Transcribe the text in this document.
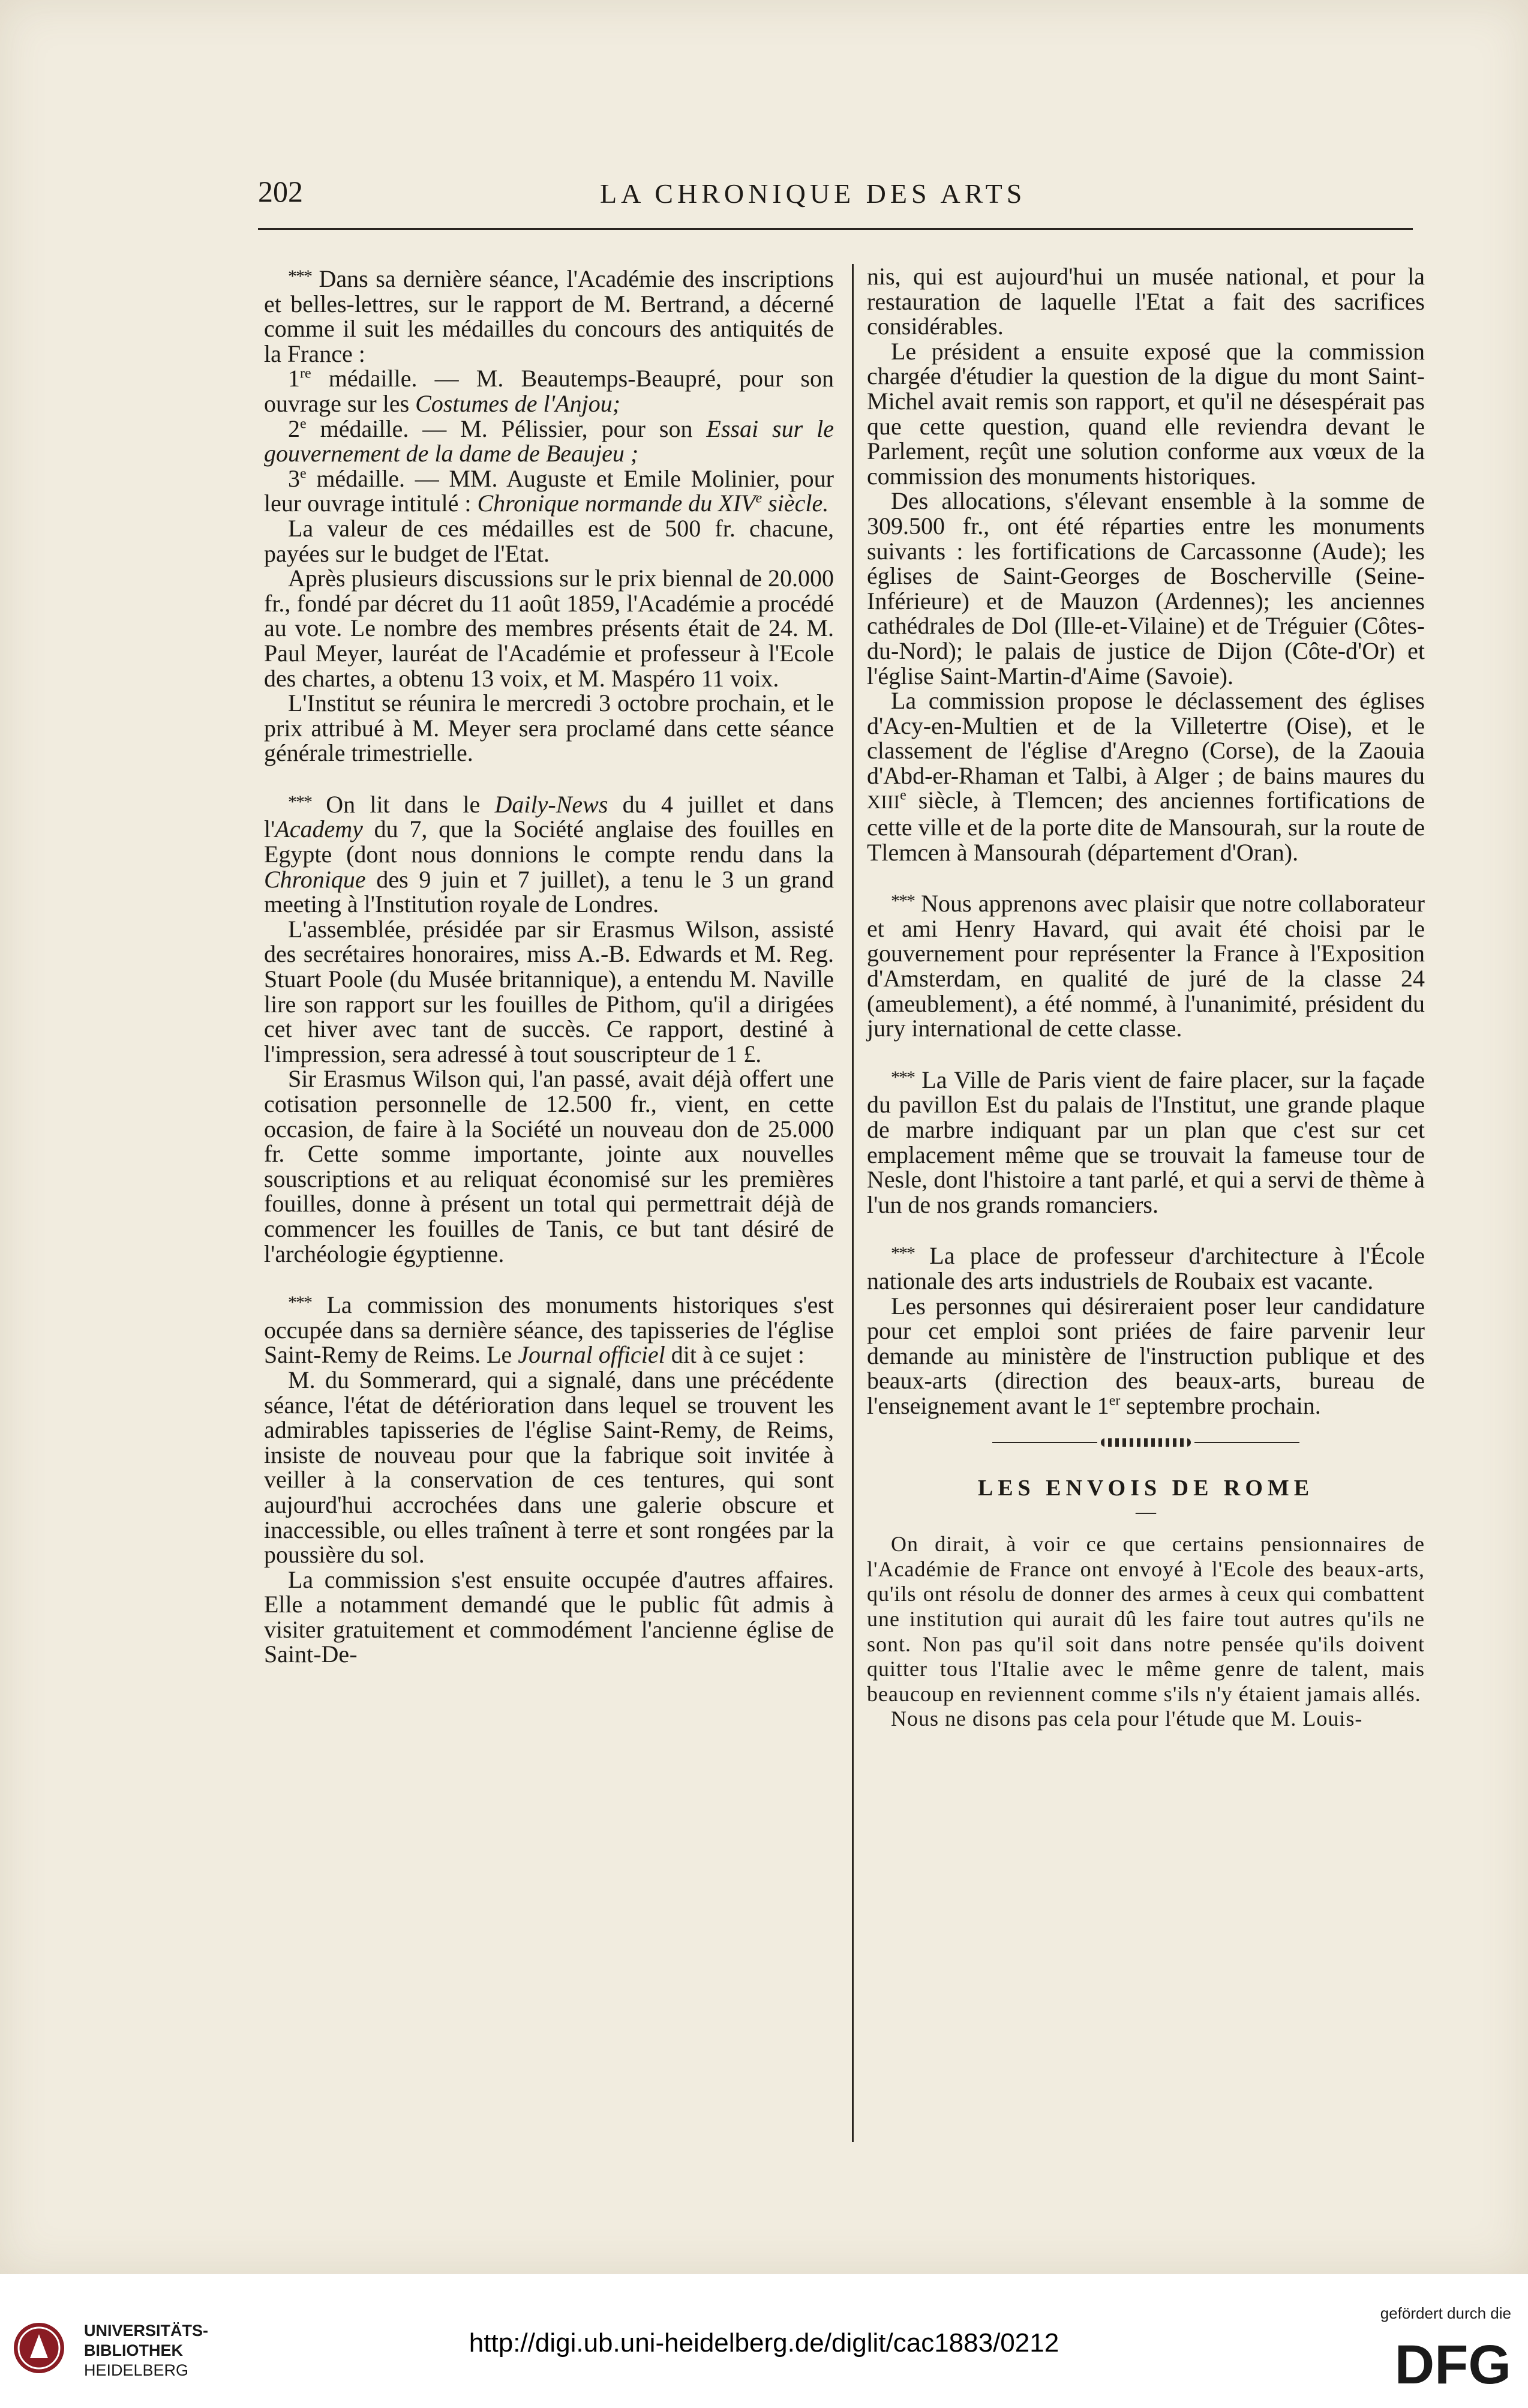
202	LA CHRONIQUE DES ARTS

*** Dans sa dernière séance, l'Académie des inscriptions et belles-lettres, sur le rapport de M. Bertrand, a décerné comme il suit les médailles du concours des antiquités de la France :

1re médaille. — M. Beautemps-Beaupré, pour son ouvrage sur les Costumes de l'Anjou;

2e médaille. — M. Pélissier, pour son Essai sur le gouvernement de la dame de Beaujeu ;

3e médaille. — MM. Auguste et Emile Molinier, pour leur ouvrage intitulé : Chronique normande du XIVe siècle.

La valeur de ces médailles est de 500 fr. chacune, payées sur le budget de l'Etat.

Après plusieurs discussions sur le prix biennal de 20.000 fr., fondé par décret du 11 août 1859, l'Académie a procédé au vote. Le nombre des membres présents était de 24. M. Paul Meyer, lauréat de l'Académie et professeur à l'Ecole des chartes, a obtenu 13 voix, et M. Maspéro 11 voix.

L'Institut se réunira le mercredi 3 octobre prochain, et le prix attribué à M. Meyer sera proclamé dans cette séance générale trimestrielle.

*** On lit dans le Daily-News du 4 juillet et dans l'Academy du 7, que la Société anglaise des fouilles en Egypte (dont nous donnions le compte rendu dans la Chronique des 9 juin et 7 juillet), a tenu le 3 un grand meeting à l'Institution royale de Londres.

L'assemblée, présidée par sir Erasmus Wilson, assisté des secrétaires honoraires, miss A.-B. Edwards et M. Reg. Stuart Poole (du Musée britannique), a entendu M. Naville lire son rapport sur les fouilles de Pithom, qu'il a dirigées cet hiver avec tant de succès. Ce rapport, destiné à l'impression, sera adressé à tout souscripteur de 1 £.

Sir Erasmus Wilson qui, l'an passé, avait déjà offert une cotisation personnelle de 12.500 fr., vient, en cette occasion, de faire à la Société un nouveau don de 25.000 fr. Cette somme importante, jointe aux nouvelles souscriptions et au reliquat économisé sur les premières fouilles, donne à présent un total qui permettrait déjà de commencer les fouilles de Tanis, ce but tant désiré de l'archéologie égyptienne.

*** La commission des monuments historiques s'est occupée dans sa dernière séance, des tapisseries de l'église Saint-Remy de Reims. Le Journal officiel dit à ce sujet :

M. du Sommerard, qui a signalé, dans une précédente séance, l'état de détérioration dans lequel se trouvent les admirables tapisseries de l'église Saint-Remy, de Reims, insiste de nouveau pour que la fabrique soit invitée à veiller à la conservation de ces tentures, qui sont aujourd'hui accrochées dans une galerie obscure et inaccessible, ou elles traînent à terre et sont rongées par la poussière du sol.

La commission s'est ensuite occupée d'autres affaires. Elle a notamment demandé que le public fût admis à visiter gratuitement et commodément l'ancienne église de Saint-De-

nis, qui est aujourd'hui un musée national, et pour la restauration de laquelle l'Etat a fait des sacrifices considérables.

Le président a ensuite exposé que la commission chargée d'étudier la question de la digue du mont Saint-Michel avait remis son rapport, et qu'il ne désespérait pas que cette question, quand elle reviendra devant le Parlement, reçût une solution conforme aux vœux de la commission des monuments historiques.

Des allocations, s'élevant ensemble à la somme de 309.500 fr., ont été réparties entre les monuments suivants : les fortifications de Carcassonne (Aude); les églises de Saint-Georges de Boscherville (Seine-Inférieure) et de Mauzon (Ardennes); les anciennes cathédrales de Dol (Ille-et-Vilaine) et de Tréguier (Côtes-du-Nord); le palais de justice de Dijon (Côte-d'Or) et l'église Saint-Martin-d'Aime (Savoie).

La commission propose le déclassement des églises d'Acy-en-Multien et de la Villetertre (Oise), et le classement de l'église d'Aregno (Corse), de la Zaouia d'Abd-er-Rhaman et Talbi, à Alger ; de bains maures du XIIIe siècle, à Tlemcen; des anciennes fortifications de cette ville et de la porte dite de Mansourah, sur la route de Tlemcen à Mansourah (département d'Oran).

*** Nous apprenons avec plaisir que notre collaborateur et ami Henry Havard, qui avait été choisi par le gouvernement pour représenter la France à l'Exposition d'Amsterdam, en qualité de juré de la classe 24 (ameublement), a été nommé, à l'unanimité, président du jury international de cette classe.

*** La Ville de Paris vient de faire placer, sur la façade du pavillon Est du palais de l'Institut, une grande plaque de marbre indiquant par un plan que c'est sur cet emplacement même que se trouvait la fameuse tour de Nesle, dont l'histoire a tant parlé, et qui a servi de thème à l'un de nos grands romanciers.

*** La place de professeur d'architecture à l'École nationale des arts industriels de Roubaix est vacante.

Les personnes qui désireraient poser leur candidature pour cet emploi sont priées de faire parvenir leur demande au ministère de l'instruction publique et des beaux-arts (direction des beaux-arts, bureau de l'enseignement avant le 1er septembre prochain.

LES ENVOIS DE ROME
—

On dirait, à voir ce que certains pensionnaires de l'Académie de France ont envoyé à l'Ecole des beaux-arts, qu'ils ont résolu de donner des armes à ceux qui combattent une institution qui aurait dû les faire tout autres qu'ils ne sont. Non pas qu'il soit dans notre pensée qu'ils doivent quitter tous l'Italie avec le même genre de talent, mais beaucoup en reviennent comme s'ils n'y étaient jamais allés.

Nous ne disons pas cela pour l'étude que M. Louis-

UNIVERSITÄTS-
BIBLIOTHEK
HEIDELBERG
http://digi.ub.uni-heidelberg.de/diglit/cac1883/0212
gefördert durch die
DFG
